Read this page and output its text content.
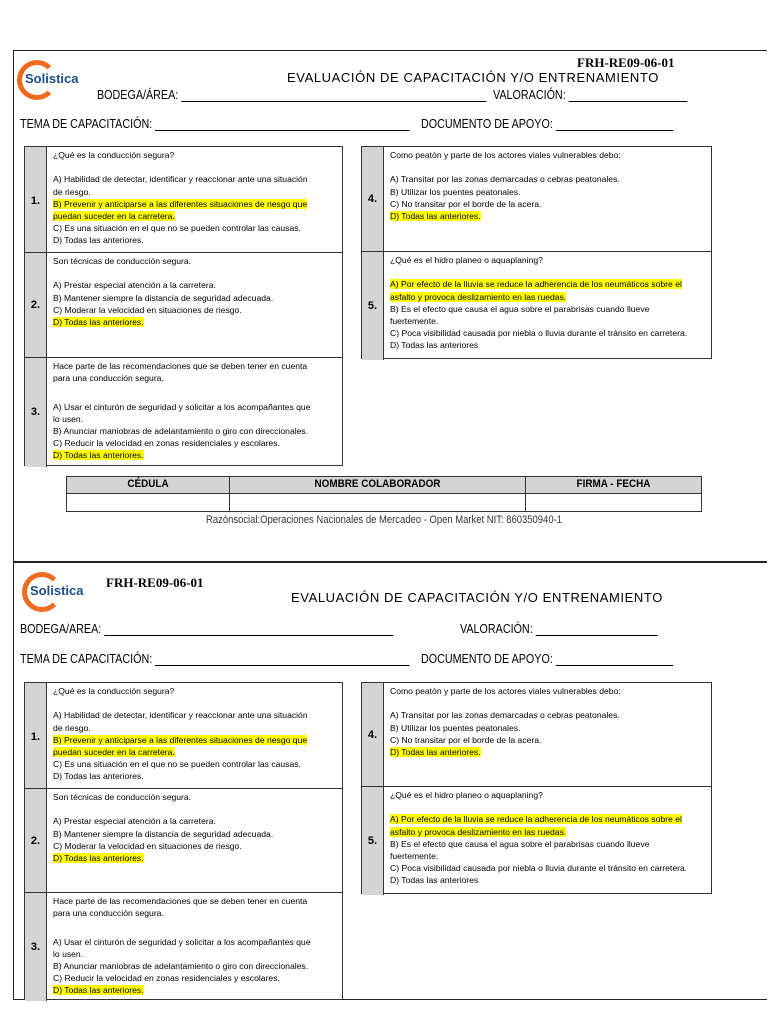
Solistica
FRH-RE09-06-01
EVALUACIÓN DE CAPACITACIÓN Y/O ENTRENAMIENTO
BODEGA/ÁREA:	VALORACIÓN:
TEMA DE CAPACITACIÓN:	DOCUMENTO DE APOYO:
1.
¿Qué es la conducción segura?
A) Habilidad de detectar, identificar y reaccionar ante una situación
de riesgo.
B) Prevenir y anticiparse a las diferentes situaciones de riesgo que
puedan suceder en la carretera.
C) Es una situación en el que no se pueden controlar las causas.
D) Todas las anteriores.
2.
Son técnicas de conducción segura.
A) Prestar especial atención a la carretera.
B) Mantener siempre la distancia de seguridad adecuada.
C) Moderar la velocidad en situaciones de riesgo.
D) Todas las anteriores.
3.
Hace parte de las recomendaciones que se deben tener en cuenta
para una conducción segura.
A) Usar el cinturón de seguridad y solicitar a los acompañantes que
lo usen.
B) Anunciar maniobras de adelantamiento o giro con direccionales.
C) Reducir la velocidad en zonas residenciales y escolares.
D) Todas las anteriores.
4.
Como peatón y parte de los actores viales vulnerables debo:
A) Transitar por las zonas demarcadas o cebras peatonales.
B) Utilizar los puentes peatonales.
C) No transitar por el borde de la acera.
D) Todas las anteriores.
5.
¿Qué es el hidro planeo o aquaplaning?
A) Por efecto de la lluvia se reduce la adherencia de los neumáticos sobre el
asfalto y provoca deslizamiento en las ruedas.
B) Es el efecto que causa el agua sobre el parabrisas cuando llueve
fuertemente.
C) Poca visibilidad causada por niebla o lluvia durante el tránsito en carretera.
D) Todas las anteriores
CÉDULA	NOMBRE COLABORADOR	FIRMA - FECHA
Razónsocial:Operaciones Nacionales de Mercadeo - Open Market NIT: 860350940-1
Solistica
FRH-RE09-06-01
EVALUACIÓN DE CAPACITACIÓN Y/O ENTRENAMIENTO
BODEGA/AREA:	VALORACIÓN:
TEMA DE CAPACITACIÓN:	DOCUMENTO DE APOYO:
1.
¿Qué es la conducción segura?
A) Habilidad de detectar, identificar y reaccionar ante una situación
de riesgo.
B) Prevenir y anticiparse a las diferentes situaciones de riesgo que
puedan suceder en la carretera.
C) Es una situación en el que no se pueden controlar las causas.
D) Todas las anteriores.
2.
Son técnicas de conducción segura.
A) Prestar especial atención a la carretera.
B) Mantener siempre la distancia de seguridad adecuada.
C) Moderar la velocidad en situaciones de riesgo.
D) Todas las anteriores.
3.
Hace parte de las recomendaciones que se deben tener en cuenta
para una conducción segura.
A) Usar el cinturón de seguridad y solicitar a los acompañantes que
lo usen.
B) Anunciar maniobras de adelantamiento o giro con direccionales.
C) Reducir la velocidad en zonas residenciales y escolares.
D) Todas las anteriores.
4.
Como peatón y parte de los actores viales vulnerables debo:
A) Transitar por las zonas demarcadas o cebras peatonales.
B) Utilizar los puentes peatonales.
C) No transitar por el borde de la acera.
D) Todas las anteriores.
5.
¿Qué es el hidro planeo o aquaplaning?
A) Por efecto de la lluvia se reduce la adherencia de los neumáticos sobre el
asfalto y provoca deslizamiento en las ruedas.
B) Es el efecto que causa el agua sobre el parabrisas cuando llueve
fuertemente.
C) Poca visibilidad causada por niebla o lluvia durante el tránsito en carretera.
D) Todas las anteriores
